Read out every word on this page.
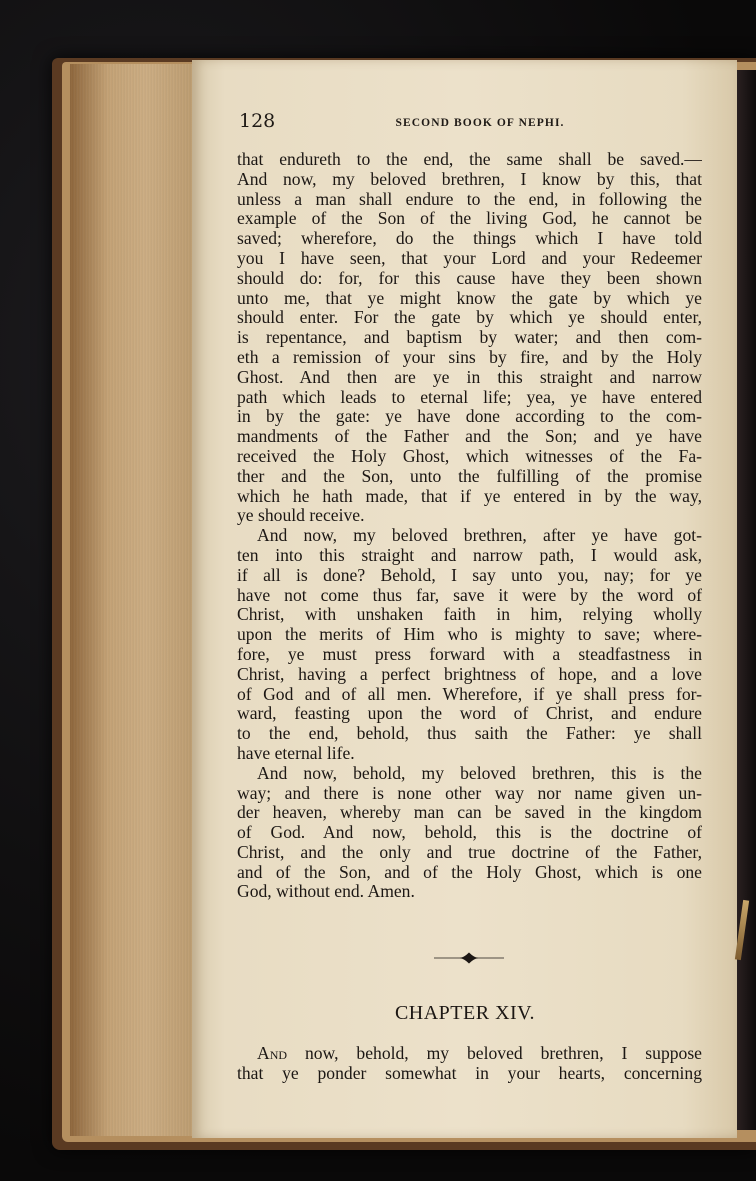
128	SECOND BOOK OF NEPHI.
that endureth to the end, the same shall be saved.—
And now, my beloved brethren, I know by this, that
unless a man shall endure to the end, in following the
example of the Son of the living God, he cannot be
saved; wherefore, do the things which I have told
you I have seen, that your Lord and your Redeemer
should do: for, for this cause have they been shown
unto me, that ye might know the gate by which ye
should enter. For the gate by which ye should enter,
is repentance, and baptism by water; and then com-
eth a remission of your sins by fire, and by the Holy
Ghost. And then are ye in this straight and narrow
path which leads to eternal life; yea, ye have entered
in by the gate: ye have done according to the com-
mandments of the Father and the Son; and ye have
received the Holy Ghost, which witnesses of the Fa-
ther and the Son, unto the fulfilling of the promise
which he hath made, that if ye entered in by the way,
ye should receive.
And now, my beloved brethren, after ye have got-
ten into this straight and narrow path, I would ask,
if all is done? Behold, I say unto you, nay; for ye
have not come thus far, save it were by the word of
Christ, with unshaken faith in him, relying wholly
upon the merits of Him who is mighty to save; where-
fore, ye must press forward with a steadfastness in
Christ, having a perfect brightness of hope, and a love
of God and of all men. Wherefore, if ye shall press for-
ward, feasting upon the word of Christ, and endure
to the end, behold, thus saith the Father: ye shall
have eternal life.
And now, behold, my beloved brethren, this is the
way; and there is none other way nor name given un-
der heaven, whereby man can be saved in the kingdom
of God. And now, behold, this is the doctrine of
Christ, and the only and true doctrine of the Father,
and of the Son, and of the Holy Ghost, which is one
God, without end. Amen.
CHAPTER XIV.
And now, behold, my beloved brethren, I suppose
that ye ponder somewhat in your hearts, concerning
